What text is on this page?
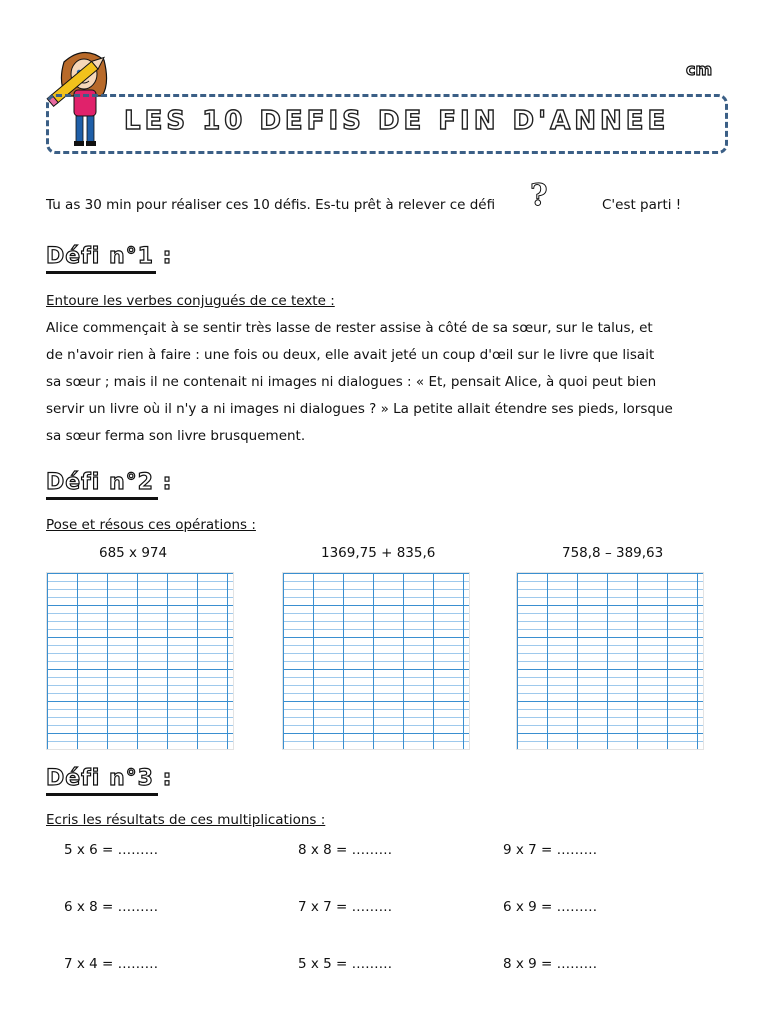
cm
LES 10 DEFIS DE FIN D'ANNEE
Tu as 30 min pour réaliser ces 10 défis. Es-tu prêt à relever ce défi ?	C'est parti !
Défi n°1 :
Entoure les verbes conjugués de ce texte :
Alice commençait à se sentir très lasse de rester assise à côté de sa sœur, sur le talus, et
de n'avoir rien à faire : une fois ou deux, elle avait jeté un coup d'œil sur le livre que lisait
sa sœur ; mais il ne contenait ni images ni dialogues : « Et, pensait Alice, à quoi peut bien
servir un livre où il n'y a ni images ni dialogues ? » La petite allait étendre ses pieds, lorsque
sa sœur ferma son livre brusquement.
Défi n°2 :
Pose et résous ces opérations :
685 x 974	1369,75 + 835,6	758,8 – 389,63
Défi n°3 :
Ecris les résultats de ces multiplications :
5 x 6 = ………	8 x 8 = ………	9 x 7 = ………
6 x 8 = ………	7 x 7 = ………	6 x 9 = ………
7 x 4 = ………	5 x 5 = ………	8 x 9 = ………
